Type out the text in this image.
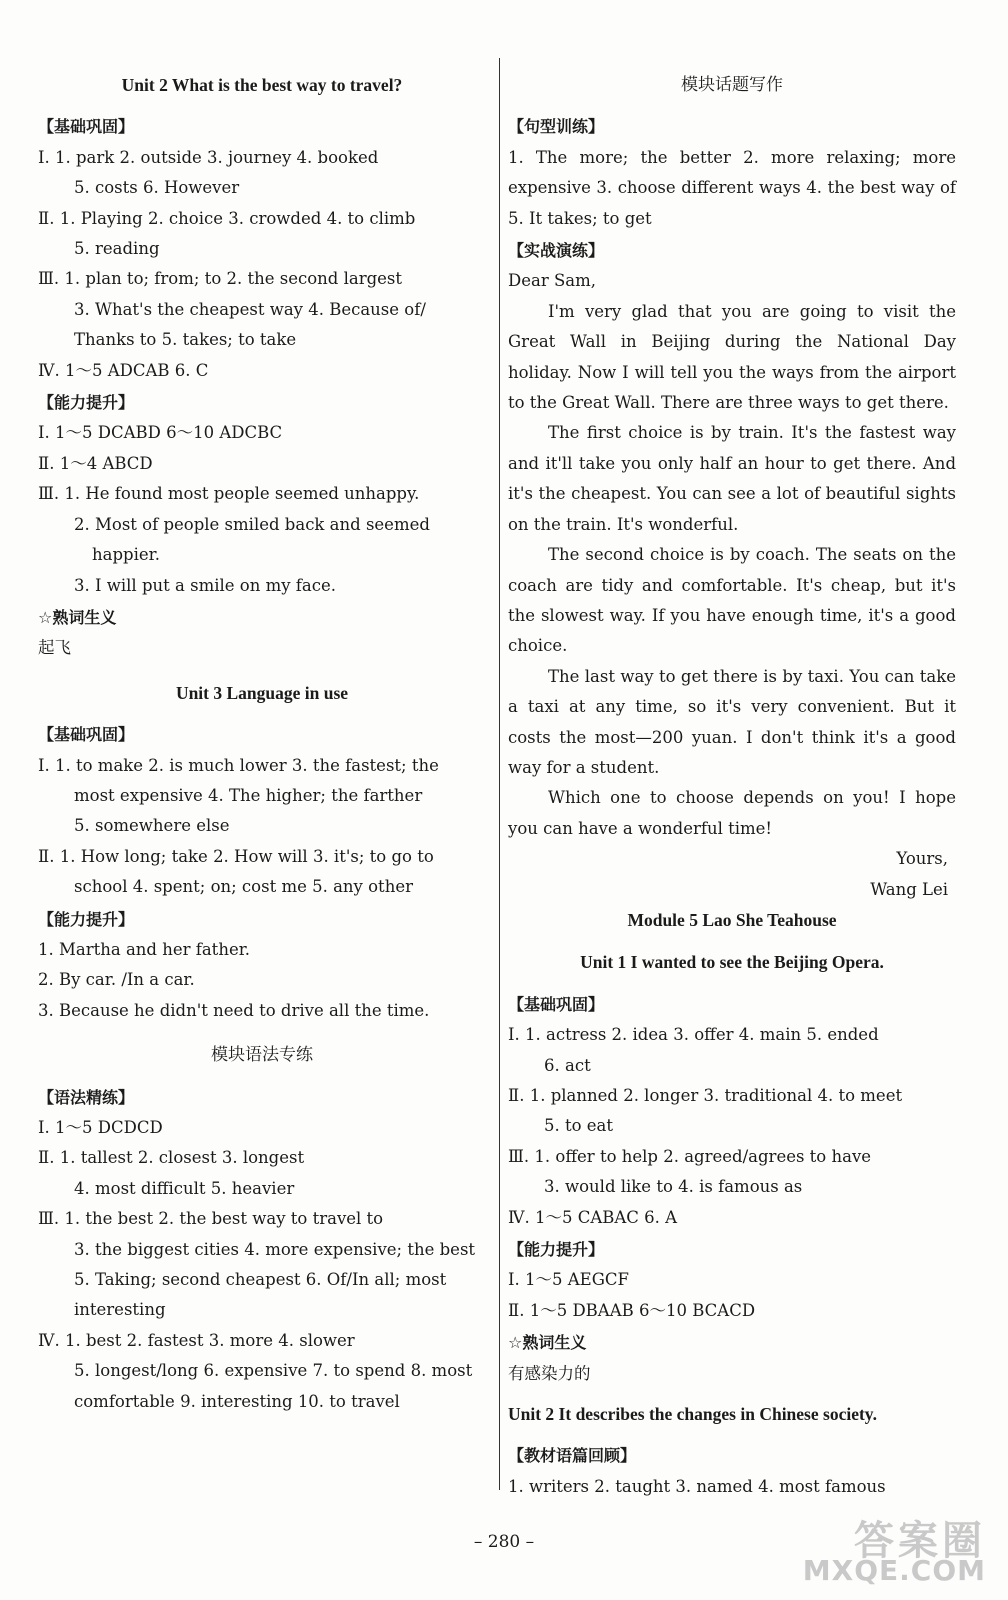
Unit 2 What is the best way to travel?
【基础巩固】
Ⅰ. 1. park 2. outside 3. journey 4. booked
5. costs 6. However
Ⅱ. 1. Playing 2. choice 3. crowded 4. to climb
5. reading
Ⅲ. 1. plan to; from; to 2. the second largest
3. What's the cheapest way 4. Because of/
Thanks to 5. takes; to take
Ⅳ. 1～5 ADCAB 6. C
【能力提升】
Ⅰ. 1～5 DCABD 6～10 ADCBC
Ⅱ. 1～4 ABCD
Ⅲ. 1. He found most people seemed unhappy.
2. Most of people smiled back and seemed
happier.
3. I will put a smile on my face.
☆熟词生义
起飞
Unit 3 Language in use
【基础巩固】
Ⅰ. 1. to make 2. is much lower 3. the fastest; the
most expensive 4. The higher; the farther
5. somewhere else
Ⅱ. 1. How long; take 2. How will 3. it's; to go to
school 4. spent; on; cost me 5. any other
【能力提升】
1. Martha and her father.
2. By car. /In a car.
3. Because he didn't need to drive all the time.
模块语法专练
【语法精练】
Ⅰ. 1～5 DCDCD
Ⅱ. 1. tallest 2. closest 3. longest
4. most difficult 5. heavier
Ⅲ. 1. the best 2. the best way to travel to
3. the biggest cities 4. more expensive; the best
5. Taking; second cheapest 6. Of/In all; most
interesting
Ⅳ. 1. best 2. fastest 3. more 4. slower
5. longest/long 6. expensive 7. to spend 8. most
comfortable 9. interesting 10. to travel
模块话题写作
【句型训练】
1. The more; the better 2. more relaxing; more expensive 3. choose different ways 4. the best way of 5. It takes; to get
【实战演练】
Dear Sam,
I'm very glad that you are going to visit the Great Wall in Beijing during the National Day holiday. Now I will tell you the ways from the airport to the Great Wall. There are three ways to get there.
The first choice is by train. It's the fastest way and it'll take you only half an hour to get there. And it's the cheapest. You can see a lot of beautiful sights on the train. It's wonderful.
The second choice is by coach. The seats on the coach are tidy and comfortable. It's cheap, but it's the slowest way. If you have enough time, it's a good choice.
The last way to get there is by taxi. You can take a taxi at any time, so it's very convenient. But it costs the most—200 yuan. I don't think it's a good way for a student.
Which one to choose depends on you! I hope you can have a wonderful time!
Yours,
Wang Lei
Module 5 Lao She Teahouse
Unit 1 I wanted to see the Beijing Opera.
【基础巩固】
Ⅰ. 1. actress 2. idea 3. offer 4. main 5. ended
6. act
Ⅱ. 1. planned 2. longer 3. traditional 4. to meet
5. to eat
Ⅲ. 1. offer to help 2. agreed/agrees to have
3. would like to 4. is famous as
Ⅳ. 1～5 CABAC 6. A
【能力提升】
Ⅰ. 1～5 AEGCF
Ⅱ. 1～5 DBAAB 6～10 BCACD
☆熟词生义
有感染力的
Unit 2 It describes the changes in Chinese society.
【教材语篇回顾】
1. writers 2. taught 3. named 4. most famous
– 280 –	答案圈
MXQE.COM
